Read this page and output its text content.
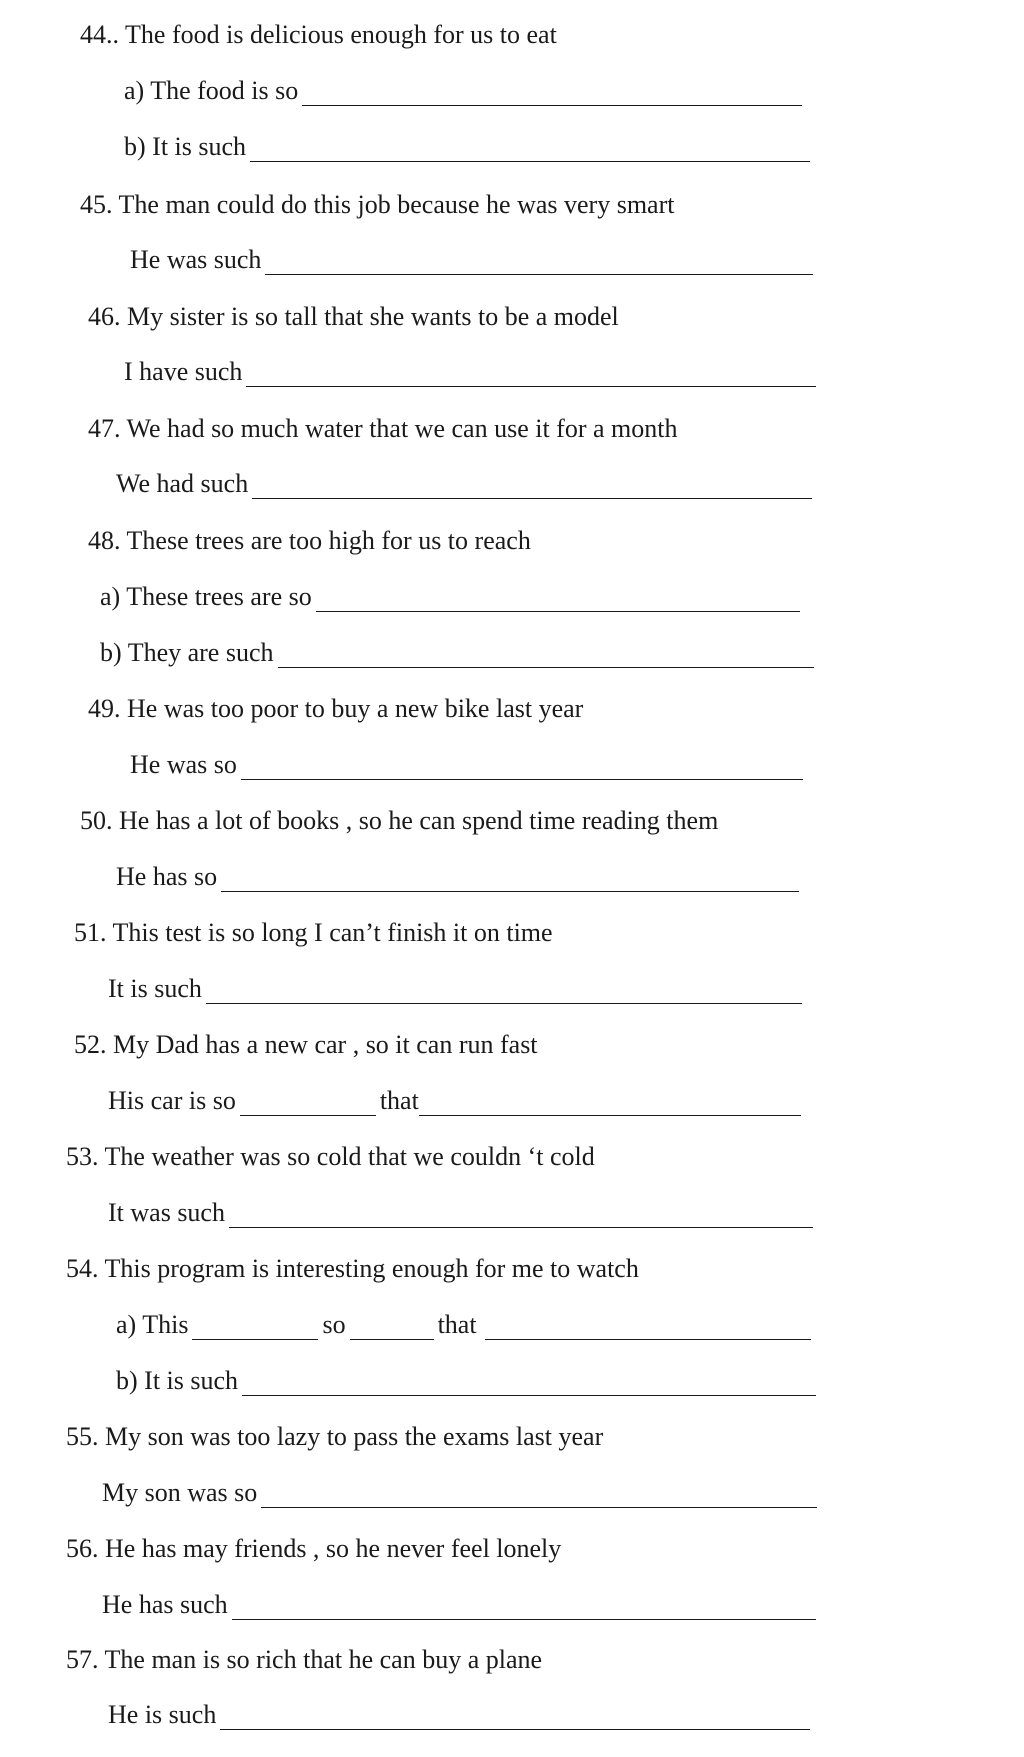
44.. The food is delicious enough for us to eat
a) The food is so
b) It is such
45. The man could do this job because he was very smart
He was such
46. My sister is so tall that she wants to be a model
I have such
47. We had so much water that we can use it for a month
We had such
48. These trees are too high for us to reach
a) These trees are so
b) They are such
49. He was too poor to buy a new bike last year
He was so
50. He has a lot of books , so he can spend time reading them
He has so
51. This test is so long I can’t finish it on time
It is such
52. My Dad has a new car , so it can run fast
His car is so	that
53. The weather was so cold that we couldn ‘t cold
It was such
54. This program is interesting enough for me to watch
a) This	so	that
b) It is such
55. My son was too lazy to pass the exams last year
My son was so
56. He has may friends , so he never feel lonely
He has such
57. The man is so rich that he can buy a plane
He is such
